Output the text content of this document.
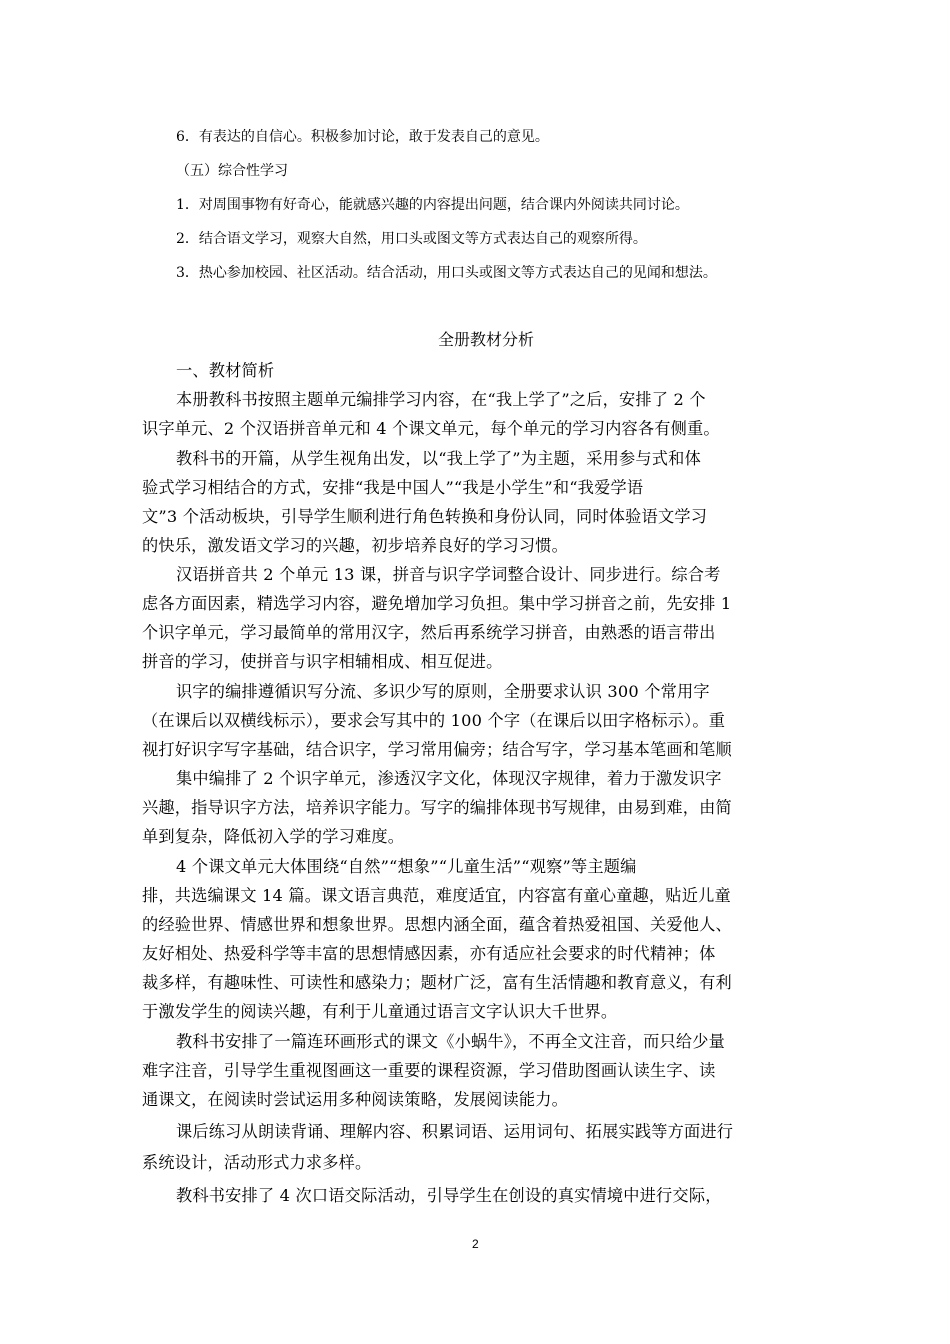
6．有表达的自信心。积极参加讨论，敢于发表自己的意见。
（五）综合性学习
1．对周围事物有好奇心，能就感兴趣的内容提出问题，结合课内外阅读共同讨论。
2．结合语文学习，观察大自然，用口头或图文等方式表达自己的观察所得。
3．热心参加校园、社区活动。结合活动，用口头或图文等方式表达自己的见闻和想法。
全册教材分析
一、教材简析
本册教科书按照主题单元编排学习内容，在“我上学了”之后，安排了 2 个
识字单元、2 个汉语拼音单元和 4 个课文单元，每个单元的学习内容各有侧重。
教科书的开篇，从学生视角出发，以“我上学了”为主题，采用参与式和体
验式学习相结合的方式，安排“我是中国人”“我是小学生”和“我爱学语
文”3 个活动板块，引导学生顺利进行角色转换和身份认同，同时体验语文学习
的快乐，激发语文学习的兴趣，初步培养良好的学习习惯。
汉语拼音共 2 个单元 13 课，拼音与识字学词整合设计、同步进行。综合考
虑各方面因素，精选学习内容，避免增加学习负担。集中学习拼音之前，先安排 1
个识字单元，学习最简单的常用汉字，然后再系统学习拼音，由熟悉的语言带出
拼音的学习，使拼音与识字相辅相成、相互促进。
识字的编排遵循识写分流、多识少写的原则，全册要求认识 300 个常用字
（在课后以双横线标示），要求会写其中的 100 个字（在课后以田字格标示）。重
视打好识字写字基础，结合识字，学习常用偏旁；结合写字，学习基本笔画和笔顺
集中编排了 2 个识字单元，渗透汉字文化，体现汉字规律，着力于激发识字
兴趣，指导识字方法，培养识字能力。写字的编排体现书写规律，由易到难，由简
单到复杂，降低初入学的学习难度。
4 个课文单元大体围绕“自然”“想象”“儿童生活”“观察”等主题编
排，共选编课文 14 篇。课文语言典范，难度适宜，内容富有童心童趣，贴近儿童
的经验世界、情感世界和想象世界。思想内涵全面，蕴含着热爱祖国、关爱他人、
友好相处、热爱科学等丰富的思想情感因素，亦有适应社会要求的时代精神；体
裁多样，有趣味性、可读性和感染力；题材广泛，富有生活情趣和教育意义，有利
于激发学生的阅读兴趣，有利于儿童通过语言文字认识大千世界。
教科书安排了一篇连环画形式的课文《小蜗牛》，不再全文注音，而只给少量
难字注音，引导学生重视图画这一重要的课程资源，学习借助图画认读生字、读
通课文，在阅读时尝试运用多种阅读策略，发展阅读能力。
课后练习从朗读背诵、理解内容、积累词语、运用词句、拓展实践等方面进行
系统设计，活动形式力求多样。
教科书安排了 4 次口语交际活动，引导学生在创设的真实情境中进行交际，
2
